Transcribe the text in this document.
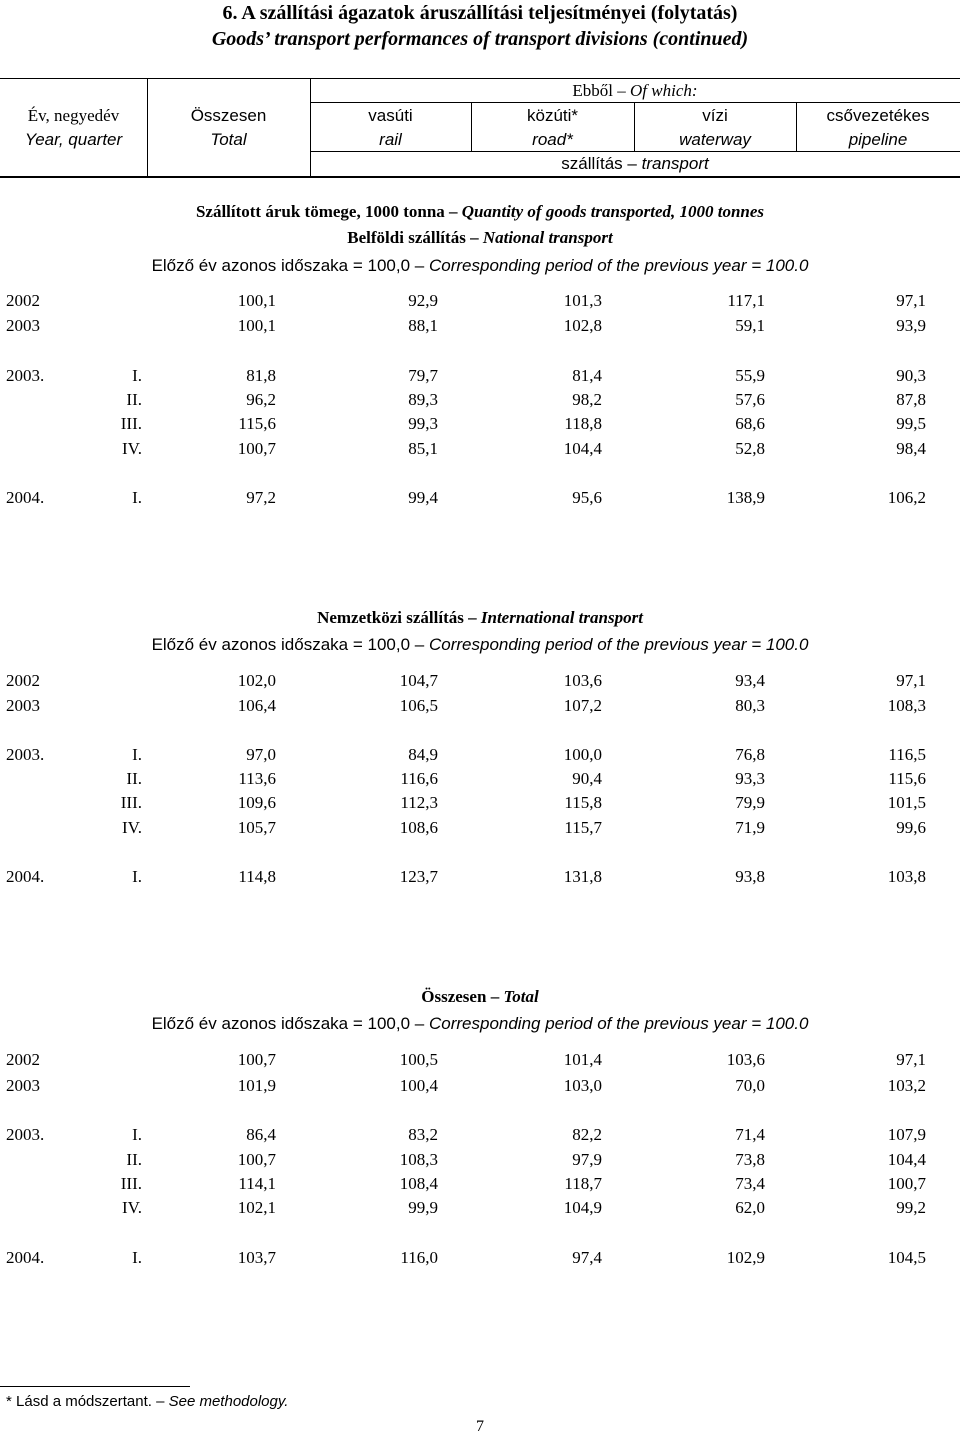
6. A szállítási ágazatok áruszállítási teljesítményei (folytatás)
Goods’ transport performances of transport divisions (continued)
Ebből – Of which:
Év, negyedév
Year, quarter
Összesen
Total
vasúti
rail
közúti*
road*
vízi
waterway
csővezetékes
pipeline
szállítás – transport
Szállított áruk tömege, 1000 tonna – Quantity of goods transported, 1000 tonnes
Belföldi szállítás – National transport
Előző év azonos időszaka = 100,0 – Corresponding period of the previous year = 100.0
2002	100,1	92,9	101,3	117,1	97,1
2003	100,1	88,1	102,8	59,1	93,9
2003.	I.	81,8	79,7	81,4	55,9	90,3
II.	96,2	89,3	98,2	57,6	87,8
III.	115,6	99,3	118,8	68,6	99,5
IV.	100,7	85,1	104,4	52,8	98,4
2004.	I.	97,2	99,4	95,6	138,9	106,2
Nemzetközi szállítás – International transport
Előző év azonos időszaka = 100,0 – Corresponding period of the previous year = 100.0
2002	102,0	104,7	103,6	93,4	97,1
2003	106,4	106,5	107,2	80,3	108,3
2003.	I.	97,0	84,9	100,0	76,8	116,5
II.	113,6	116,6	90,4	93,3	115,6
III.	109,6	112,3	115,8	79,9	101,5
IV.	105,7	108,6	115,7	71,9	99,6
2004.	I.	114,8	123,7	131,8	93,8	103,8
Összesen – Total
Előző év azonos időszaka = 100,0 – Corresponding period of the previous year = 100.0
2002	100,7	100,5	101,4	103,6	97,1
2003	101,9	100,4	103,0	70,0	103,2
2003.	I.	86,4	83,2	82,2	71,4	107,9
II.	100,7	108,3	97,9	73,8	104,4
III.	114,1	108,4	118,7	73,4	100,7
IV.	102,1	99,9	104,9	62,0	99,2
2004.	I.	103,7	116,0	97,4	102,9	104,5
* Lásd a módszertant. – See methodology.
7
